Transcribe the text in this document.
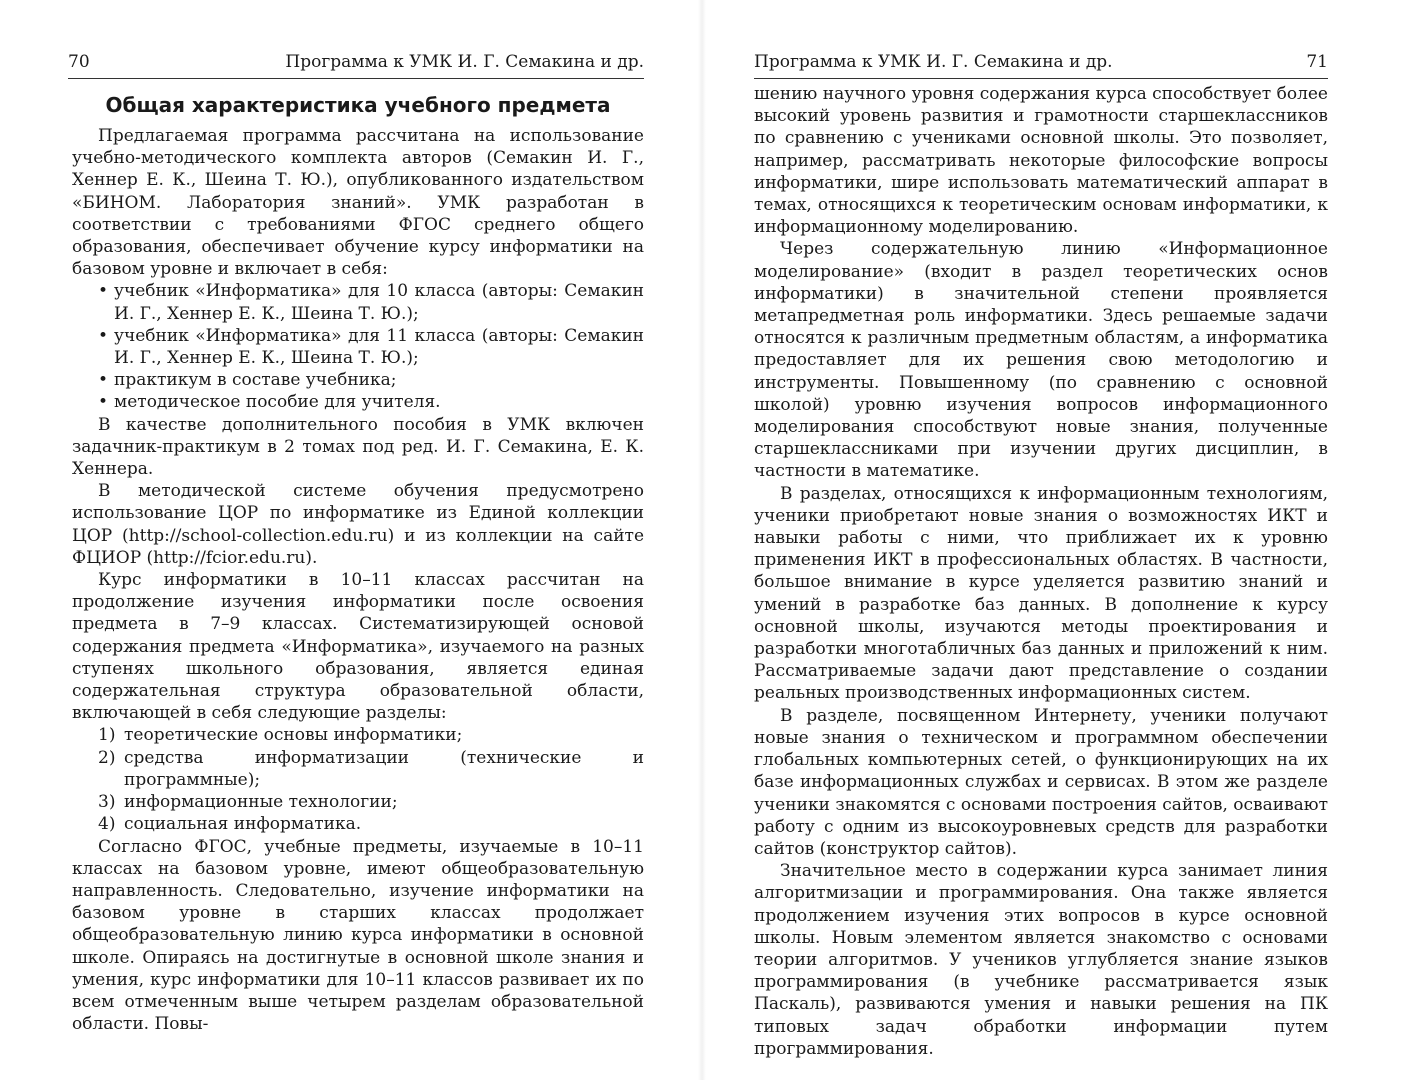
70	Программа к УМК И. Г. Семакина и др.
Общая характеристика учебного предмета

Предлагаемая программа рассчитана на использование учебно-методического комплекта авторов (Семакин И. Г., Хеннер Е. К., Шеина Т. Ю.), опубликованного издательством «БИНОМ. Лаборатория знаний». УМК разработан в соответствии с требованиями ФГОС среднего общего образования, обеспечивает обучение курсу информатики на базовом уровне и включает в себя:

• учебник «Информатика» для 10 класса (авторы: Семакин И. Г., Хеннер Е. К., Шеина Т. Ю.);
• учебник «Информатика» для 11 класса (авторы: Семакин И. Г., Хеннер Е. К., Шеина Т. Ю.);
• практикум в составе учебника;
• методическое пособие для учителя.

В качестве дополнительного пособия в УМК включен задачник-практикум в 2 томах под ред. И. Г. Семакина, Е. К. Хеннера.

В методической системе обучения предусмотрено использование ЦОР по информатике из Единой коллекции ЦОР (http://school-collection.edu.ru) и из коллекции на сайте ФЦИОР (http://fcior.edu.ru).

Курс информатики в 10–11 классах рассчитан на продолжение изучения информатики после освоения предмета в 7–9 классах. Систематизирующей основой содержания предмета «Информатика», изучаемого на разных ступенях школьного образования, является единая содержательная структура образовательной области, включающей в себя следующие разделы:

1) теоретические основы информатики;
2) средства информатизации (технические и программные);
3) информационные технологии;
4) социальная информатика.

Согласно ФГОС, учебные предметы, изучаемые в 10–11 классах на базовом уровне, имеют общеобразовательную направленность. Следовательно, изучение информатики на базовом уровне в старших классах продолжает общеобразовательную линию курса информатики в основной школе. Опираясь на достигнутые в основной школе знания и умения, курс информатики для 10–11 классов развивает их по всем отмеченным выше четырем разделам образовательной области. Повы-

Программа к УМК И. Г. Семакина и др.	71

шению научного уровня содержания курса способствует более высокий уровень развития и грамотности старшеклассников по сравнению с учениками основной школы. Это позволяет, например, рассматривать некоторые философские вопросы информатики, шире использовать математический аппарат в темах, относящихся к теоретическим основам информатики, к информационному моделированию.

Через содержательную линию «Информационное моделирование» (входит в раздел теоретических основ информатики) в значительной степени проявляется метапредметная роль информатики. Здесь решаемые задачи относятся к различным предметным областям, а информатика предоставляет для их решения свою методологию и инструменты. Повышенному (по сравнению с основной школой) уровню изучения вопросов информационного моделирования способствуют новые знания, полученные старшеклассниками при изучении других дисциплин, в частности в математике.

В разделах, относящихся к информационным технологиям, ученики приобретают новые знания о возможностях ИКТ и навыки работы с ними, что приближает их к уровню применения ИКТ в профессиональных областях. В частности, большое внимание в курсе уделяется развитию знаний и умений в разработке баз данных. В дополнение к курсу основной школы, изучаются методы проектирования и разработки многотабличных баз данных и приложений к ним. Рассматриваемые задачи дают представление о создании реальных производственных информационных систем.

В разделе, посвященном Интернету, ученики получают новые знания о техническом и программном обеспечении глобальных компьютерных сетей, о функционирующих на их базе информационных службах и сервисах. В этом же разделе ученики знакомятся с основами построения сайтов, осваивают работу с одним из высокоуровневых средств для разработки сайтов (конструктор сайтов).

Значительное место в содержании курса занимает линия алгоритмизации и программирования. Она также является продолжением изучения этих вопросов в курсе основной школы. Новым элементом является знакомство с основами теории алгоритмов. У учеников углубляется знание языков программирования (в учебнике рассматривается язык Паскаль), развиваются умения и навыки решения на ПК типовых задач обработки информации путем программирования.
